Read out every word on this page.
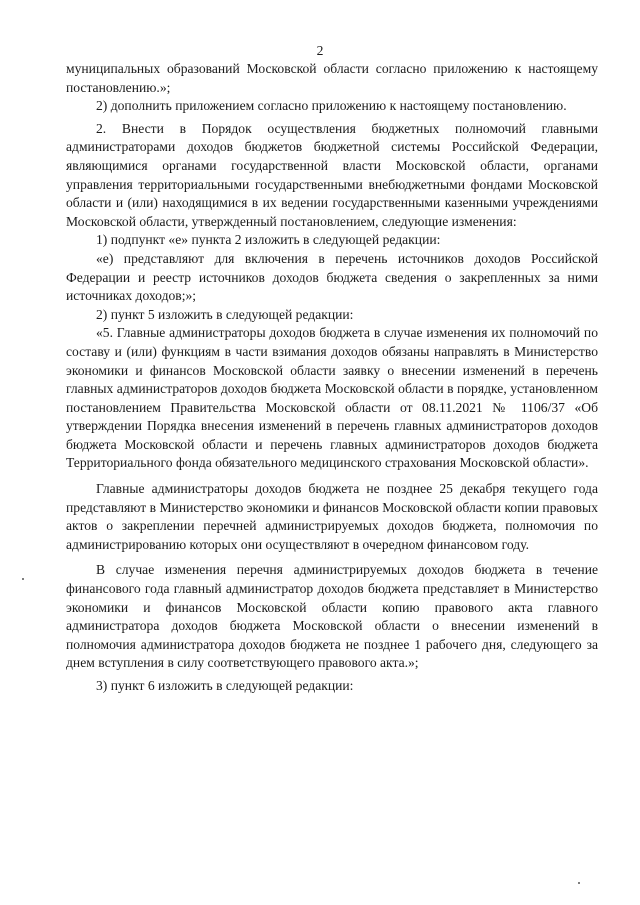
2

муниципальных образований Московской области согласно приложению к настоящему постановлению.»;

2) дополнить приложением согласно приложению к настоящему постановлению.

2. Внести в Порядок осуществления бюджетных полномочий главными администраторами доходов бюджетов бюджетной системы Российской Федерации, являющимися органами государственной власти Московской области, органами управления территориальными государственными внебюджетными фондами Московской области и (или) находящимися в их ведении государственными казенными учреждениями Московской области, утвержденный постановлением, следующие изменения:

1) подпункт «е» пункта 2 изложить в следующей редакции:

«е) представляют для включения в перечень источников доходов Российской Федерации и реестр источников доходов бюджета сведения о закрепленных за ними источниках доходов;»;

2) пункт 5 изложить в следующей редакции:

«5. Главные администраторы доходов бюджета в случае изменения их полномочий по составу и (или) функциям в части взимания доходов обязаны направлять в Министерство экономики и финансов Московской области заявку о внесении изменений в перечень главных администраторов доходов бюджета Московской области в порядке, установленном постановлением Правительства Московской области от 08.11.2021 № 1106/37 «Об утверждении Порядка внесения изменений в перечень главных администраторов доходов бюджета Московской области и перечень главных администраторов доходов бюджета Территориального фонда обязательного медицинского страхования Московской области».

Главные администраторы доходов бюджета не позднее 25 декабря текущего года представляют в Министерство экономики и финансов Московской области копии правовых актов о закреплении перечней администрируемых доходов бюджета, полномочия по администрированию которых они осуществляют в очередном финансовом году.

В случае изменения перечня администрируемых доходов бюджета в течение финансового года главный администратор доходов бюджета представляет в Министерство экономики и финансов Московской области копию правового акта главного администратора доходов бюджета Московской области о внесении изменений в полномочия администратора доходов бюджета не позднее 1 рабочего дня, следующего за днем вступления в силу соответствующего правового акта.»;

3) пункт 6 изложить в следующей редакции:
